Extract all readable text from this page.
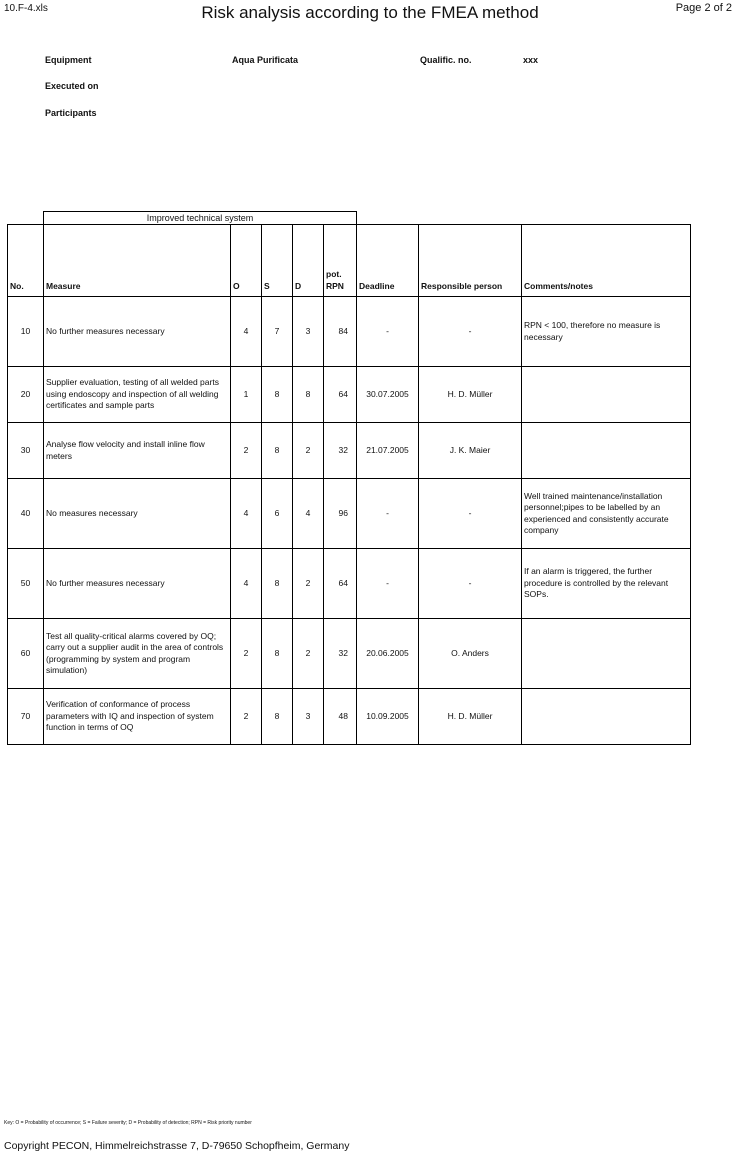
10.F-4.xls	Risk analysis according to the FMEA method	Page 2 of 2
Equipment	Aqua Purificata	Qualific. no.	xxx
Executed on
Participants
Improved technical system
No.	Measure	O	S	D	pot. RPN	Deadline	Responsible person	Comments/notes
10	No further measures necessary	4	7	3	84	-	-	RPN < 100, therefore no measure is necessary
20	Supplier evaluation, testing of all welded parts using endoscopy and inspection of all welding certificates and sample parts	1	8	8	64	30.07.2005	H. D. Müller	
30	Analyse flow velocity and install inline flow meters	2	8	2	32	21.07.2005	J. K. Maier	
40	No measures necessary	4	6	4	96	-	-	Well trained maintenance/installation personnel;pipes to be labelled by an experienced and consistently accurate company
50	No further measures necessary	4	8	2	64	-	-	If an alarm is triggered, the further procedure is controlled by the relevant SOPs.
60	Test all quality-critical alarms covered by OQ; carry out a supplier audit in the area of controls (programming by system and program simulation)	2	8	2	32	20.06.2005	O. Anders	
70	Verification of conformance of process parameters with IQ and inspection of system function in terms of OQ	2	8	3	48	10.09.2005	H. D. Müller	
Key: O = Probability of occurrence; S = Failure severity; D = Probability of detection; RPN = Risk priority number
Copyright PECON, Himmelreichstrasse 7, D-79650 Schopfheim, Germany
